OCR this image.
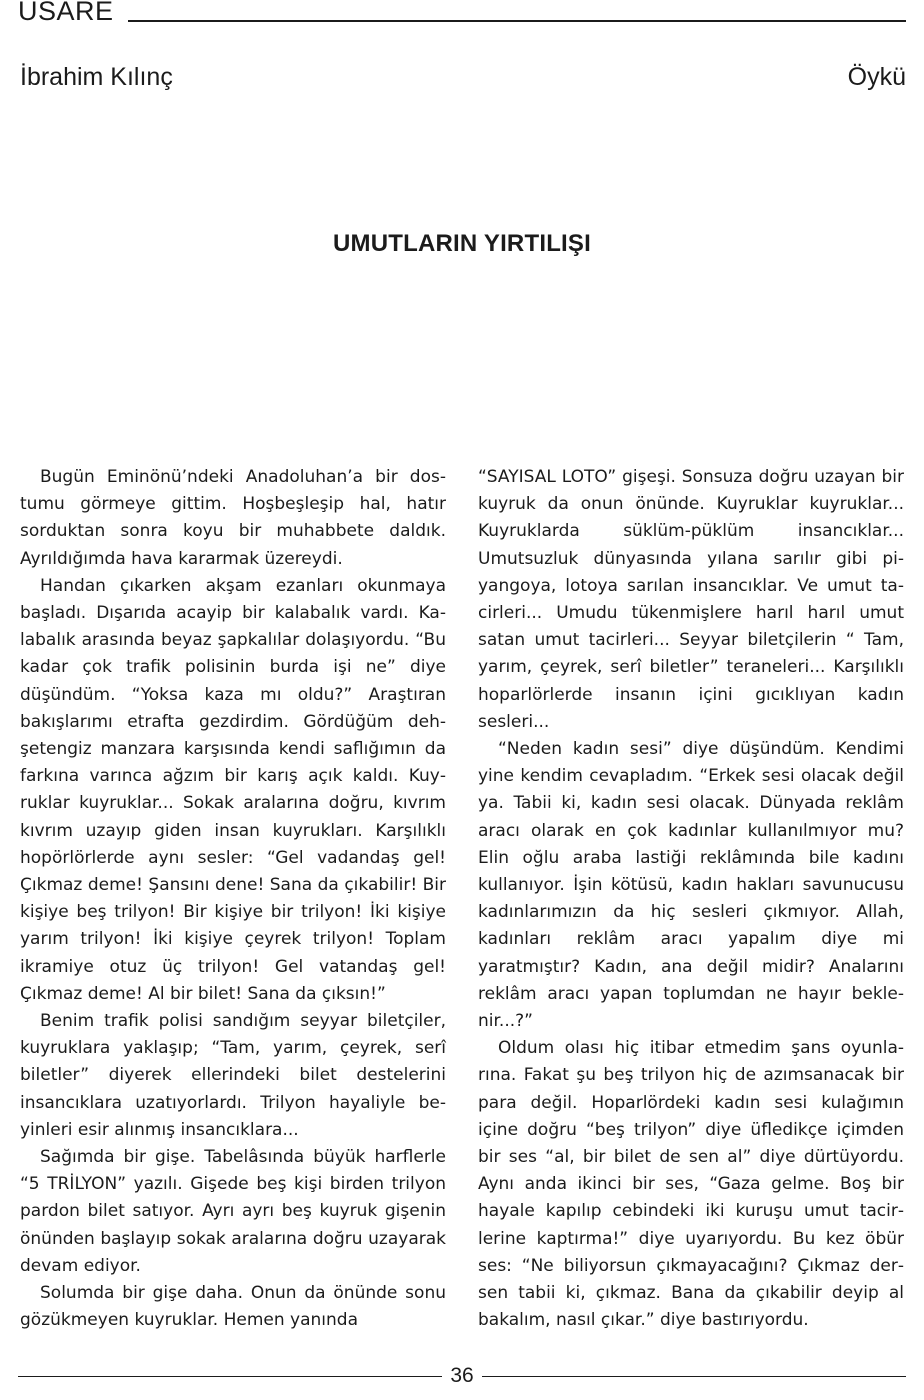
USARE
İbrahim Kılınç	Öykü
UMUTLARIN YIRTILIŞI

Bugün Eminönü’ndeki Anadoluhan’a bir dostumu görmeye gittim. Hoşbeşleşip hal, hatır sorduktan sonra koyu bir muhabbete daldık. Ayrıldığımda hava kararmak üzereydi.

Handan çıkarken akşam ezanları okunmaya başladı. Dışarıda acayip bir kalabalık vardı. Kalabalık arasında beyaz şapkalılar dolaşıyordu. “Bu kadar çok trafik polisinin burda işi ne” diye düşündüm. “Yoksa kaza mı oldu?” Araştıran bakışlarımı etrafta gezdirdim. Gördüğüm dehşetengiz manzara karşısında kendi saflığımın da farkına varınca ağzım bir karış açık kaldı. Kuyruklar kuyruklar... Sokak aralarına doğru, kıvrım kıvrım uzayıp giden insan kuyrukları. Karşılıklı hopörlörlerde aynı sesler: “Gel vadandaş gel! Çıkmaz deme! Şansını dene! Sana da çıkabilir! Bir kişiye beş trilyon! Bir kişiye bir trilyon! İki kişiye yarım trilyon! İki kişiye çeyrek trilyon! Toplam ikramiye otuz üç trilyon! Gel vatandaş gel! Çıkmaz deme! Al bir bilet! Sana da çıksın!”

Benim trafik polisi sandığım seyyar biletçiler, kuyruklara yaklaşıp; “Tam, yarım, çeyrek, serî biletler” diyerek ellerindeki bilet destelerini insancıklara uzatıyorlardı. Trilyon hayaliyle beyinleri esir alınmış insancıklara...

Sağımda bir gişe. Tabelâsında büyük harflerle “5 TRİLYON” yazılı. Gişede beş kişi birden trilyon pardon bilet satıyor. Ayrı ayrı beş kuyruk gişenin önünden başlayıp sokak aralarına doğru uzayarak devam ediyor.

Solumda bir gişe daha. Onun da önünde sonu gözükmeyen kuyruklar. Hemen yanında

“SAYISAL LOTO” gişeşi. Sonsuza doğru uzayan bir kuyruk da onun önünde. Kuyruklar kuyruklar... Kuyruklarda süklüm-püklüm insancıklar... Umutsuzluk dünyasında yılana sarılır gibi piyangoya, lotoya sarılan insancıklar. Ve umut tacirleri... Umudu tükenmişlere harıl harıl umut satan umut tacirleri... Seyyar biletçilerin “ Tam, yarım, çeyrek, serî biletler” teraneleri... Karşılıklı hoparlörlerde insanın içini gıcıklıyan kadın sesleri...

“Neden kadın sesi” diye düşündüm. Kendimi yine kendim cevapladım. “Erkek sesi olacak değil ya. Tabii ki, kadın sesi olacak. Dünyada reklâm aracı olarak en çok kadınlar kullanılmıyor mu? Elin oğlu araba lastiği reklâmında bile kadını kullanıyor. İşin kötüsü, kadın hakları savunucusu kadınlarımızın da hiç sesleri çıkmıyor. Allah, kadınları reklâm aracı yapalım diye mi yaratmıştır? Kadın, ana değil midir? Analarını reklâm aracı yapan toplumdan ne hayır beklenir...?”

Oldum olası hiç itibar etmedim şans oyunlarına. Fakat şu beş trilyon hiç de azımsanacak bir para değil. Hoparlördeki kadın sesi kulağımın içine doğru “beş trilyon” diye üfledikçe içimden bir ses “al, bir bilet de sen al” diye dürtüyordu. Aynı anda ikinci bir ses, “Gaza gelme. Boş bir hayale kapılıp cebindeki iki kuruşu umut tacirlerine kaptırma!” diye uyarıyordu. Bu kez öbür ses: “Ne biliyorsun çıkmayacağını? Çıkmaz dersen tabii ki, çıkmaz. Bana da çıkabilir deyip al bakalım, nasıl çıkar.” diye bastırıyordu.

36
